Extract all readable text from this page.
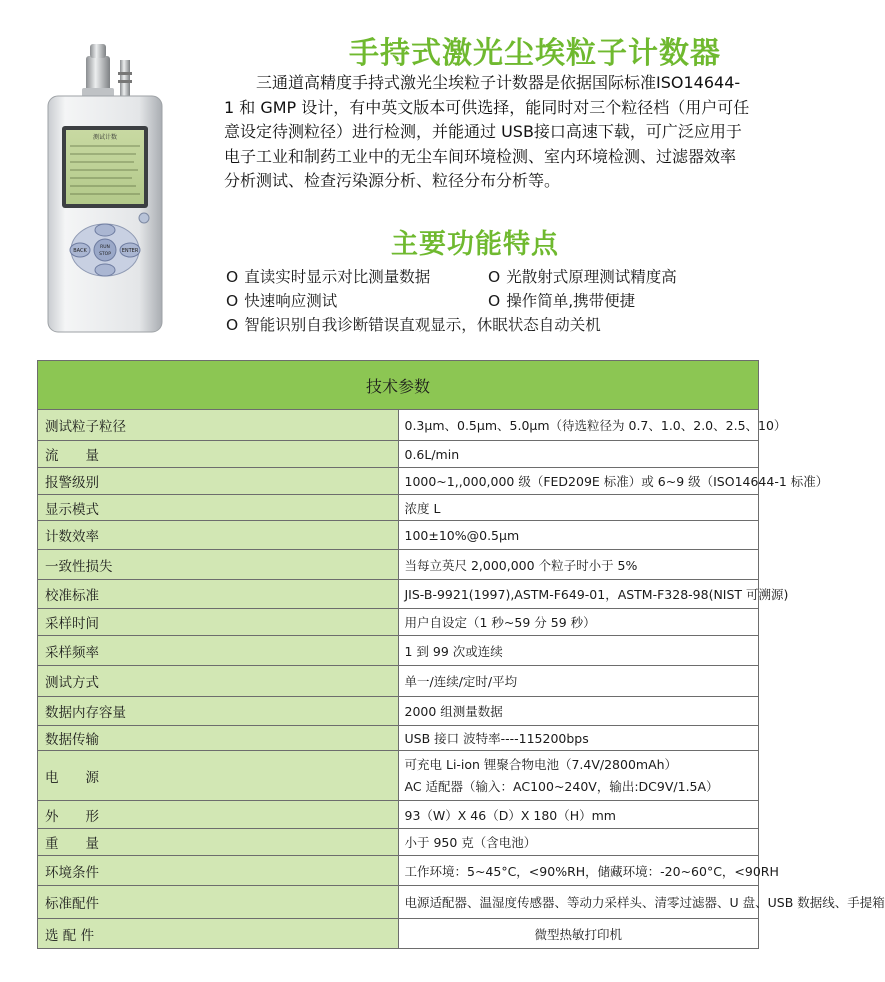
测试计数
BACK	ENTER
RUN
STOP
手持式激光尘埃粒子计数器

三通道高精度手持式激光尘埃粒子计数器是依据国际标准ISO14644-1 和 GMP 设计，有中英文版本可供选择，能同时对三个粒径档（用户可任意设定待测粒径）进行检测，并能通过 USB接口高速下载，可广泛应用于电子工业和制药工业中的无尘车间环境检测、室内环境检测、过滤器效率分析测试、检查污染源分析、粒径分布分析等。

主要功能特点
O 直读实时显示对比测量数据	O 光散射式原理测试精度高
O 快速响应测试	O 操作简单,携带便捷
O 智能识别自我诊断错误直观显示，休眠状态自动关机
技术参数	
测试粒子粒径	0.3μm、0.5μm、5.0μm（待选粒径为 0.7、1.0、2.0、2.5、10）
流　　量	0.6L/min
报警级别	1000~1,,000,000 级（FED209E 标准）或 6~9 级（ISO14644-1 标准）
显示模式	浓度 L
计数效率	100±10%@0.5μm
一致性损失	当每立英尺 2,000,000 个粒子时小于 5%
校准标准	JIS-B-9921(1997),ASTM-F649-01，ASTM-F328-98(NIST 可溯源)
采样时间	用户自设定（1 秒~59 分 59 秒）
采样频率	1 到 99 次或连续
测试方式	单一/连续/定时/平均
数据内存容量	2000 组测量数据
数据传输	USB 接口 波特率----115200bps
电　　源	可充电 Li-ion 锂聚合物电池（7.4V/2800mAh）
AC 适配器（输入：AC100~240V，输出:DC9V/1.5A）

外　　形	93（W）X 46（D）X 180（H）mm
重　　量	小于 950 克（含电池）
环境条件	工作环境：5~45°C，<90%RH，储藏环境：-20~60°C，<90RH
标准配件	电源适配器、温湿度传感器、等动力采样头、清零过滤器、U 盘、USB 数据线、手提箱
选 配 件	微型热敏打印机
